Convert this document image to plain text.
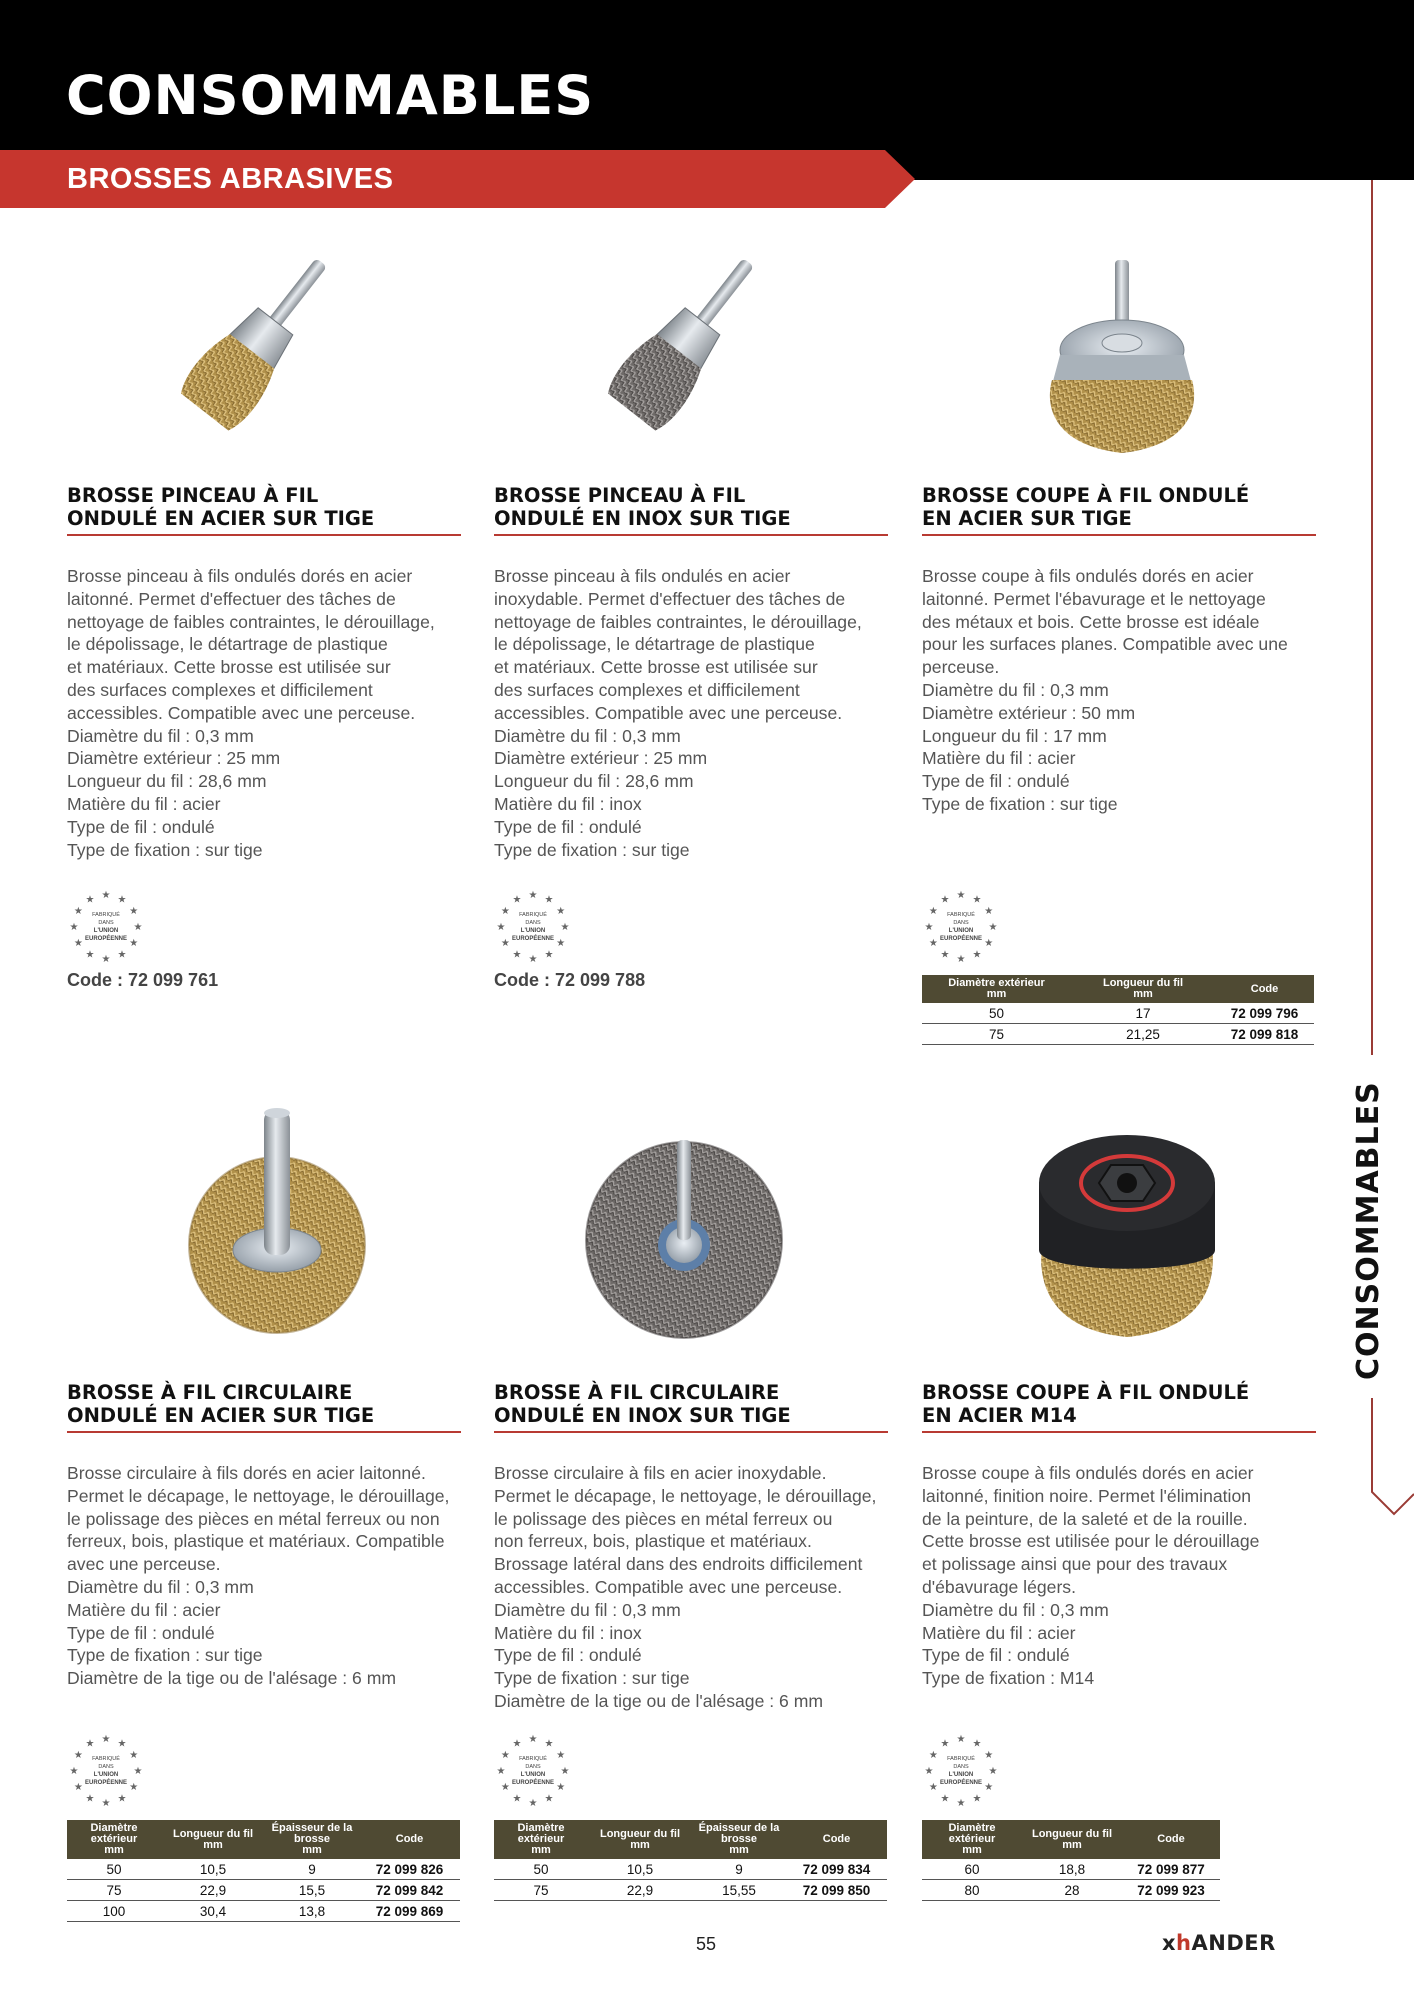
CONSOMMABLES
BROSSES ABRASIVES
CONSOMMABLES
BROSSE PINCEAU À FIL
ONDULÉ EN ACIER SUR TIGE
Brosse pinceau à fils ondulés dorés en acier
laitonné. Permet d'effectuer des tâches de
nettoyage de faibles contraintes, le dérouillage,
le dépolissage, le détartrage de plastique
et matériaux. Cette brosse est utilisée sur
des surfaces complexes et difficilement
accessibles. Compatible avec une perceuse.
Diamètre du fil : 0,3 mm
Diamètre extérieur : 25 mm
Longueur du fil : 28,6 mm
Matière du fil : acier
Type de fil : ondulé
Type de fixation : sur tige
★ ★
★
★
★
★
★
★
★
★
★
★
FABRIQUÉ
DANS
L'UNION
EUROPÉENNE
Code : 72 099 761
BROSSE PINCEAU À FIL
ONDULÉ EN INOX SUR TIGE
Brosse pinceau à fils ondulés en acier
inoxydable. Permet d'effectuer des tâches de
nettoyage de faibles contraintes, le dérouillage,
le dépolissage, le détartrage de plastique
et matériaux. Cette brosse est utilisée sur
des surfaces complexes et difficilement
accessibles. Compatible avec une perceuse.
Diamètre du fil : 0,3 mm
Diamètre extérieur : 25 mm
Longueur du fil : 28,6 mm
Matière du fil : inox
Type de fil : ondulé
Type de fixation : sur tige
★ ★
★
★
★
★
★
★
★
★
★
★
FABRIQUÉ
DANS
L'UNION
EUROPÉENNE
Code : 72 099 788
BROSSE COUPE À FIL ONDULÉ
EN ACIER SUR TIGE
Brosse coupe à fils ondulés dorés en acier
laitonné. Permet l'ébavurage et le nettoyage
des métaux et bois. Cette brosse est idéale
pour les surfaces planes. Compatible avec une
perceuse.
Diamètre du fil : 0,3 mm
Diamètre extérieur : 50 mm
Longueur du fil : 17 mm
Matière du fil : acier
Type de fil : ondulé
Type de fixation : sur tige
★ ★
★
★
★
★
★
★
★
★
★
★
FABRIQUÉ
DANS
L'UNION
EUROPÉENNE
Diamètre extérieur
mm	Longueur du fil
mm	Code
50	17	72 099 796
75	21,25	72 099 818
BROSSE À FIL CIRCULAIRE
ONDULÉ EN ACIER SUR TIGE
Brosse circulaire à fils dorés en acier laitonné.
Permet le décapage, le nettoyage, le dérouillage,
le polissage des pièces en métal ferreux ou non
ferreux, bois, plastique et matériaux. Compatible
avec une perceuse.
Diamètre du fil : 0,3 mm
Matière du fil : acier
Type de fil : ondulé
Type de fixation : sur tige
Diamètre de la tige ou de l'alésage : 6 mm
★ ★
★
★
★
★
★
★
★
★
★
★
FABRIQUÉ
DANS
L'UNION
EUROPÉENNE
Diamètre
extérieur
mm	Longueur du fil
mm	Épaisseur de la
brosse
mm	Code
50	10,5	9	72 099 826
75	22,9	15,5	72 099 842
100	30,4	13,8	72 099 869
BROSSE À FIL CIRCULAIRE
ONDULÉ EN INOX SUR TIGE
Brosse circulaire à fils en acier inoxydable.
Permet le décapage, le nettoyage, le dérouillage,
le polissage des pièces en métal ferreux ou
non ferreux, bois, plastique et matériaux.
Brossage latéral dans des endroits difficilement
accessibles. Compatible avec une perceuse.
Diamètre du fil : 0,3 mm
Matière du fil : inox
Type de fil : ondulé
Type de fixation : sur tige
Diamètre de la tige ou de l'alésage : 6 mm
★ ★
★
★
★
★
★
★
★
★
★
★
FABRIQUÉ
DANS
L'UNION
EUROPÉENNE
Diamètre
extérieur
mm	Longueur du fil
mm	Épaisseur de la
brosse
mm	Code
50	10,5	9	72 099 834
75	22,9	15,55	72 099 850
BROSSE COUPE À FIL ONDULÉ
EN ACIER M14
Brosse coupe à fils ondulés dorés en acier
laitonné, finition noire. Permet l'élimination
de la peinture, de la saleté et de la rouille.
Cette brosse est utilisée pour le dérouillage
et polissage ainsi que pour des travaux
d'ébavurage légers.
Diamètre du fil : 0,3 mm
Matière du fil : acier
Type de fil : ondulé
Type de fixation : M14
★ ★
★
★
★
★
★
★
★
★
★
★
FABRIQUÉ
DANS
L'UNION
EUROPÉENNE
Diamètre
extérieur
mm	Longueur du fil
mm	Code
60	18,8	72 099 877
80	28	72 099 923
55	xhANDER
